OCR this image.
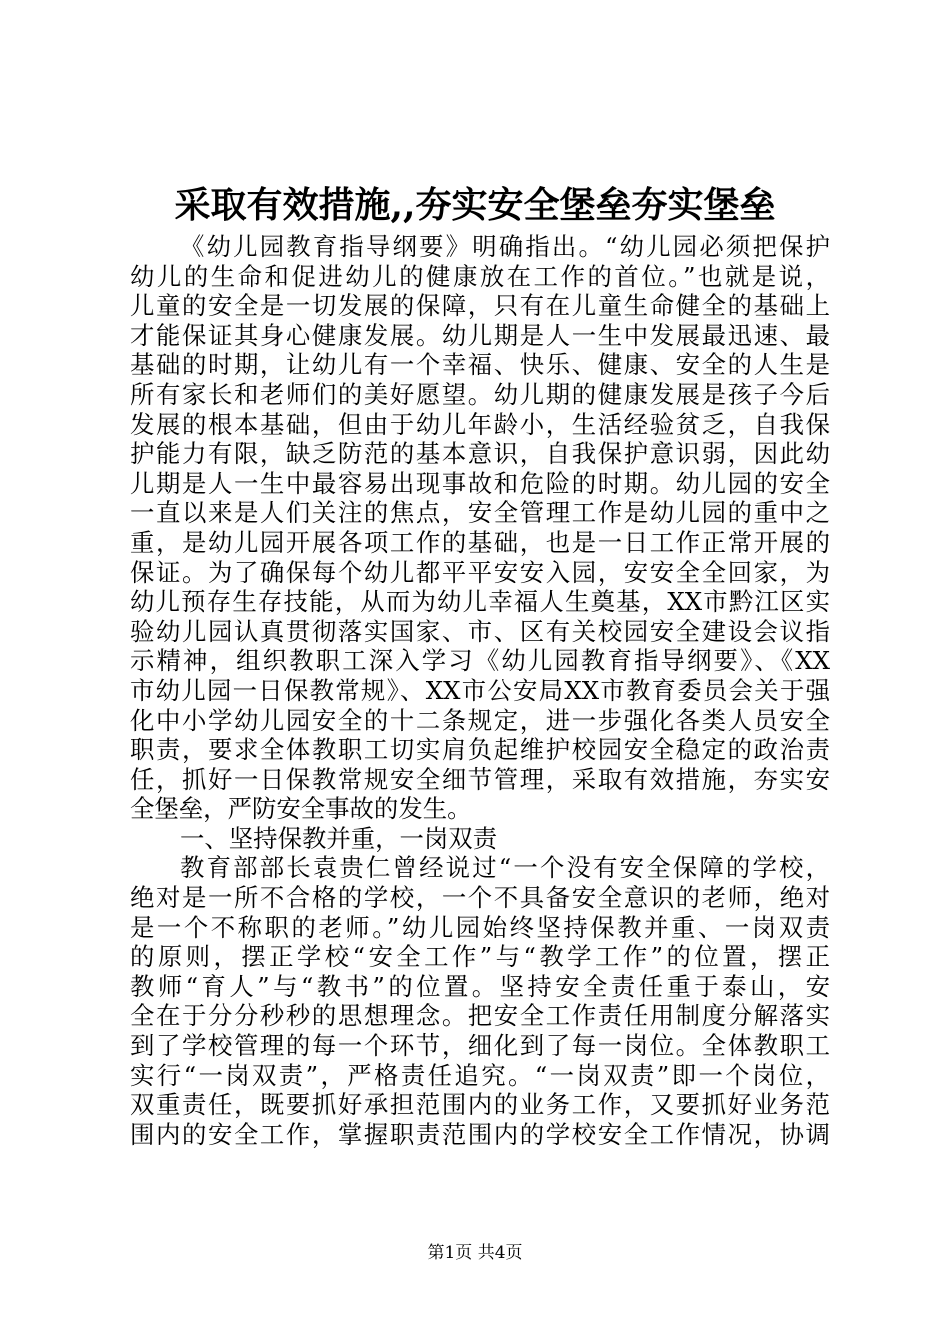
采取有效措施,,夯实安全堡垒夯实堡垒
《幼儿园教育指导纲要》明确指出。“幼儿园必须把保护
幼儿的生命和促进幼儿的健康放在工作的首位。”也就是说，
儿童的安全是一切发展的保障，只有在儿童生命健全的基础上
才能保证其身心健康发展。幼儿期是人一生中发展最迅速、最
基础的时期，让幼儿有一个幸福、快乐、健康、安全的人生是
所有家长和老师们的美好愿望。幼儿期的健康发展是孩子今后
发展的根本基础，但由于幼儿年龄小，生活经验贫乏，自我保
护能力有限，缺乏防范的基本意识，自我保护意识弱，因此幼
儿期是人一生中最容易出现事故和危险的时期。幼儿园的安全
一直以来是人们关注的焦点，安全管理工作是幼儿园的重中之
重，是幼儿园开展各项工作的基础，也是一日工作正常开展的
保证。为了确保每个幼儿都平平安安入园，安安全全回家，为
幼儿预存生存技能，从而为幼儿幸福人生奠基，XX市黔江区实
验幼儿园认真贯彻落实国家、市、区有关校园安全建设会议指
示精神，组织教职工深入学习《幼儿园教育指导纲要》、《XX
市幼儿园一日保教常规》、XX市公安局XX市教育委员会关于强
化中小学幼儿园安全的十二条规定，进一步强化各类人员安全
职责，要求全体教职工切实肩负起维护校园安全稳定的政治责
任，抓好一日保教常规安全细节管理，采取有效措施，夯实安
全堡垒，严防安全事故的发生。
一、坚持保教并重，一岗双责
教育部部长袁贵仁曾经说过“一个没有安全保障的学校，
绝对是一所不合格的学校，一个不具备安全意识的老师，绝对
是一个不称职的老师。”幼儿园始终坚持保教并重、一岗双责
的原则，摆正学校“安全工作”与“教学工作”的位置，摆正
教师“育人”与“教书”的位置。坚持安全责任重于泰山，安
全在于分分秒秒的思想理念。把安全工作责任用制度分解落实
到了学校管理的每一个环节，细化到了每一岗位。全体教职工
实行“一岗双责”，严格责任追究。“一岗双责”即一个岗位，
双重责任，既要抓好承担范围内的业务工作，又要抓好业务范
围内的安全工作，掌握职责范围内的学校安全工作情况，协调
第1页 共4页
